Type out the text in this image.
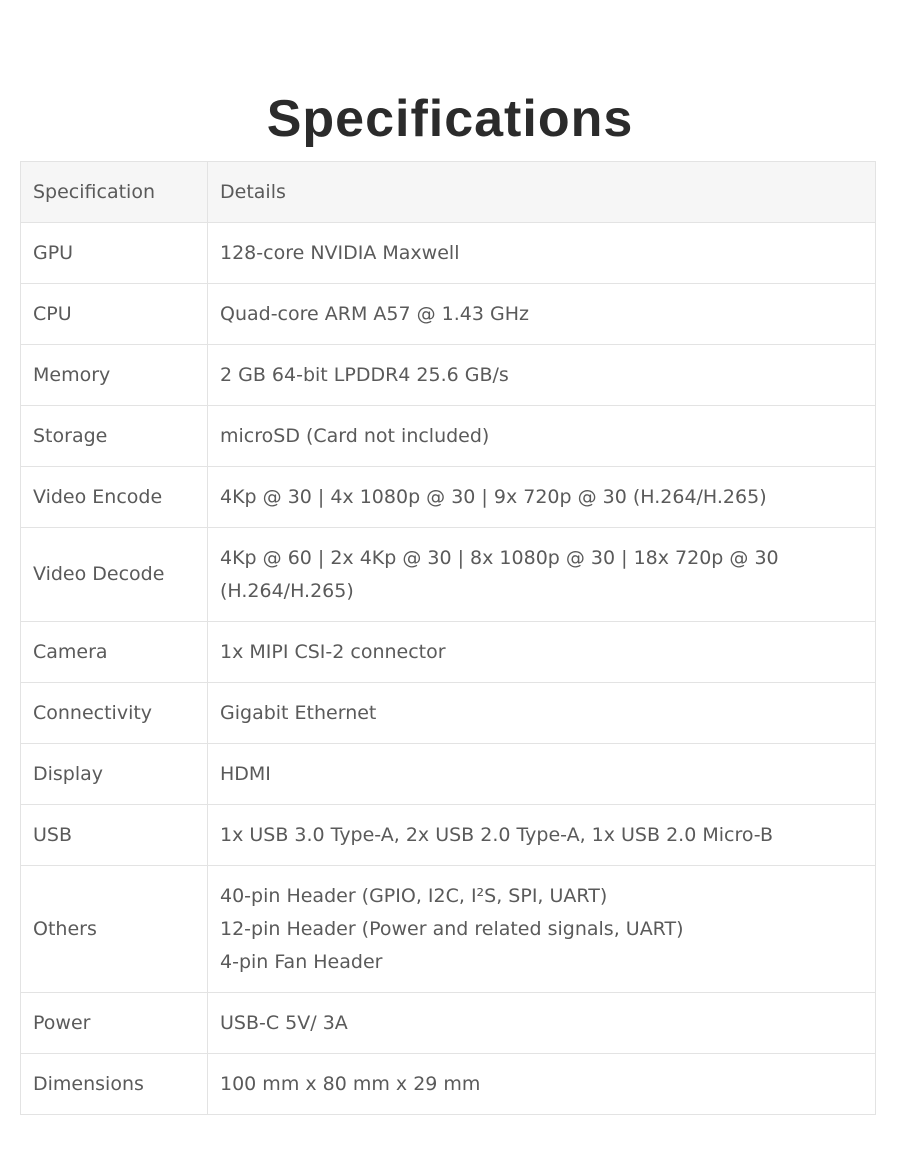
Specifications
Specification	Details
GPU	128-core NVIDIA Maxwell

CPU	Quad-core ARM A57 @ 1.43 GHz

Memory	2 GB 64-bit LPDDR4 25.6 GB/s

Storage	microSD (Card not included)

Video Encode	4Kp @ 30 | 4x 1080p @ 30 | 9x 720p @ 30 (H.264/H.265)

Video Decode	4Kp @ 60 | 2x 4Kp @ 30 | 8x 1080p @ 30 | 18x 720p @ 30
(H.264/H.265)

Camera	1x MIPI CSI-2 connector

Connectivity	Gigabit Ethernet

Display	HDMI

USB	1x USB 3.0 Type-A, 2x USB 2.0 Type-A, 1x USB 2.0 Micro-B

Others	40-pin Header (GPIO, I2C, I²S, SPI, UART)
12-pin Header (Power and related signals, UART)
4-pin Fan Header

Power	USB-C 5V/ 3A

Dimensions	100 mm x 80 mm x 29 mm
